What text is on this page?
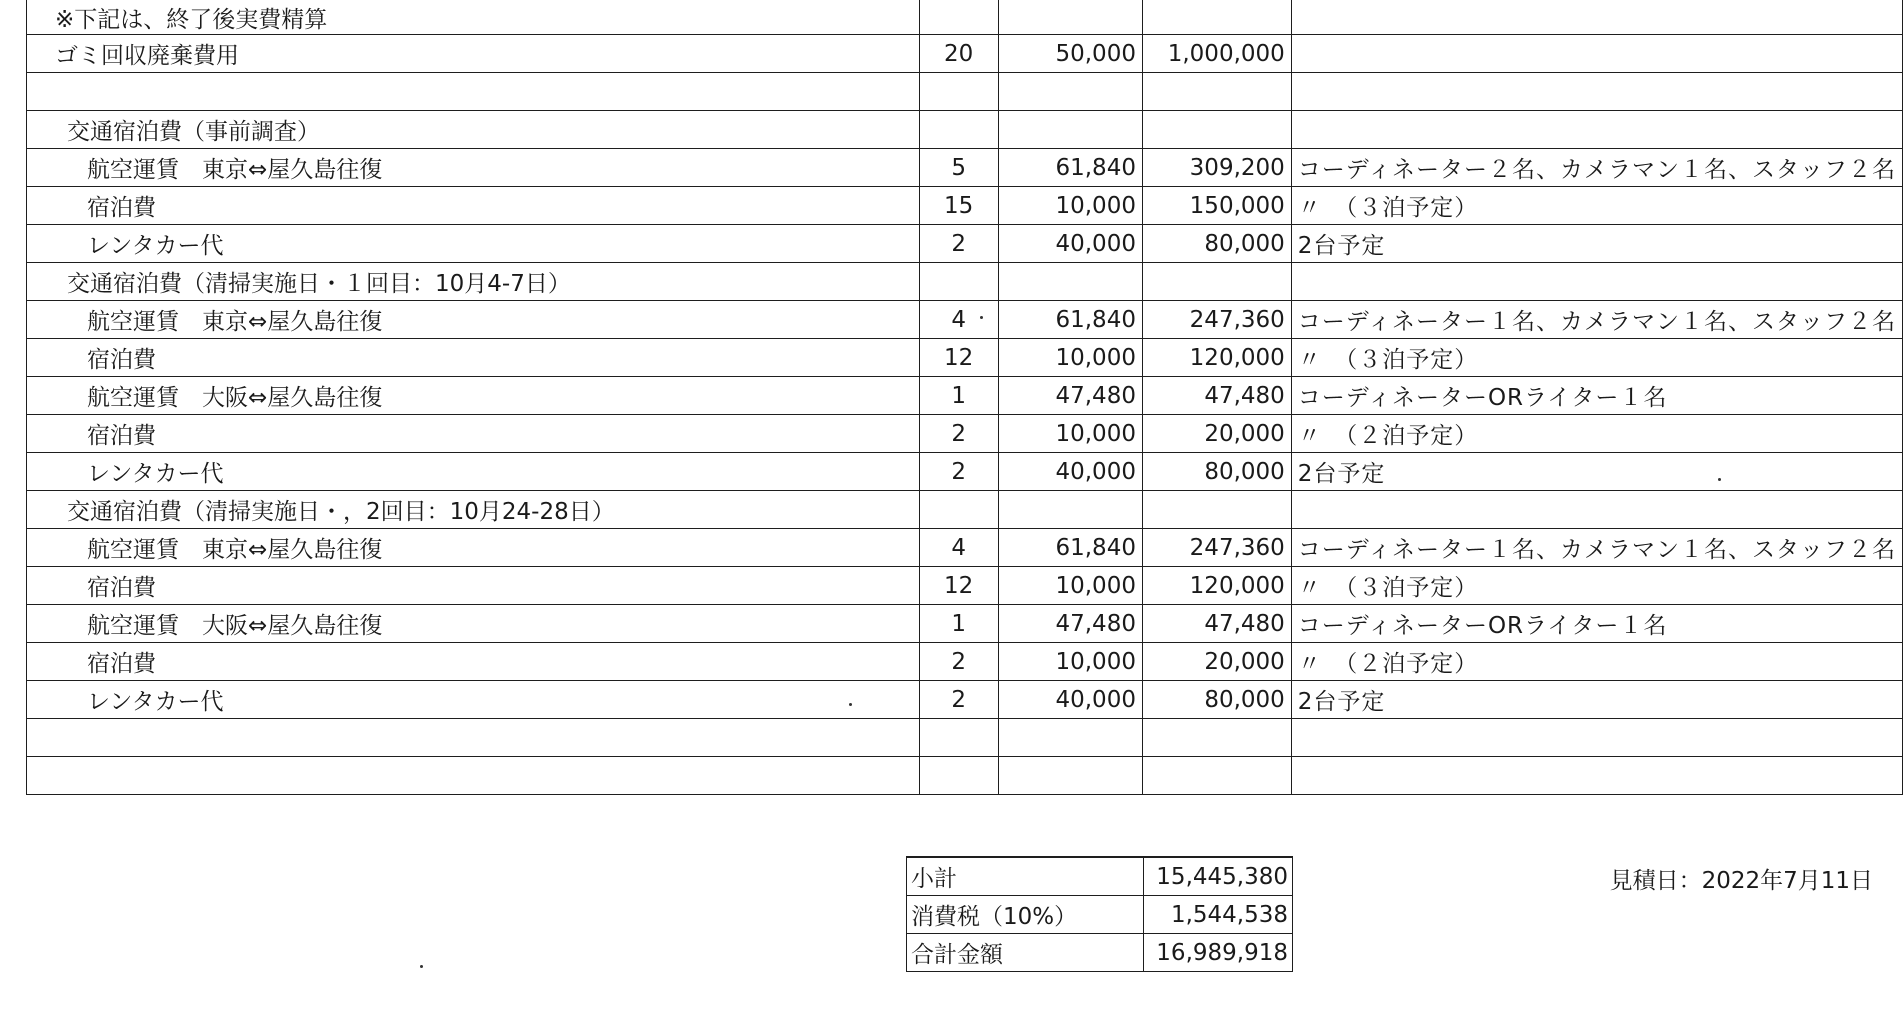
※下記は、終了後実費精算				
ゴミ回収廃棄費用	20	50,000	1,000,000	

交通宿泊費（事前調査）				
航空運賃　東京⇔屋久島往復	5	61,840	309,200	コーディネーター２名、カメラマン１名、スタッフ２名
宿泊費	15	10,000	150,000	〃　（３泊予定）
レンタカー代	2	40,000	80,000	2台予定
交通宿泊費（清掃実施日・１回目：10月4-7日）				
航空運賃　東京⇔屋久島往復	4	61,840	247,360	コーディネーター１名、カメラマン１名、スタッフ２名
宿泊費	12	10,000	120,000	〃　（３泊予定）
航空運賃　大阪⇔屋久島往復	1	47,480	47,480	コーディネーターORライター１名
宿泊費	2	10,000	20,000	〃　（２泊予定）
レンタカー代	2	40,000	80,000	2台予定
交通宿泊費（清掃実施日・，2回目：10月24-28日）				
航空運賃　東京⇔屋久島往復	4	61,840	247,360	コーディネーター１名、カメラマン１名、スタッフ２名
宿泊費	12	10,000	120,000	〃　（３泊予定）
航空運賃　大阪⇔屋久島往復	1	47,480	47,480	コーディネーターORライター１名
宿泊費	2	10,000	20,000	〃　（２泊予定）
レンタカー代	2	40,000	80,000	2台予定

小計	15,445,380
消費税（10%）	1,544,538
合計金額	16,989,918
見積日：2022年7月11日
